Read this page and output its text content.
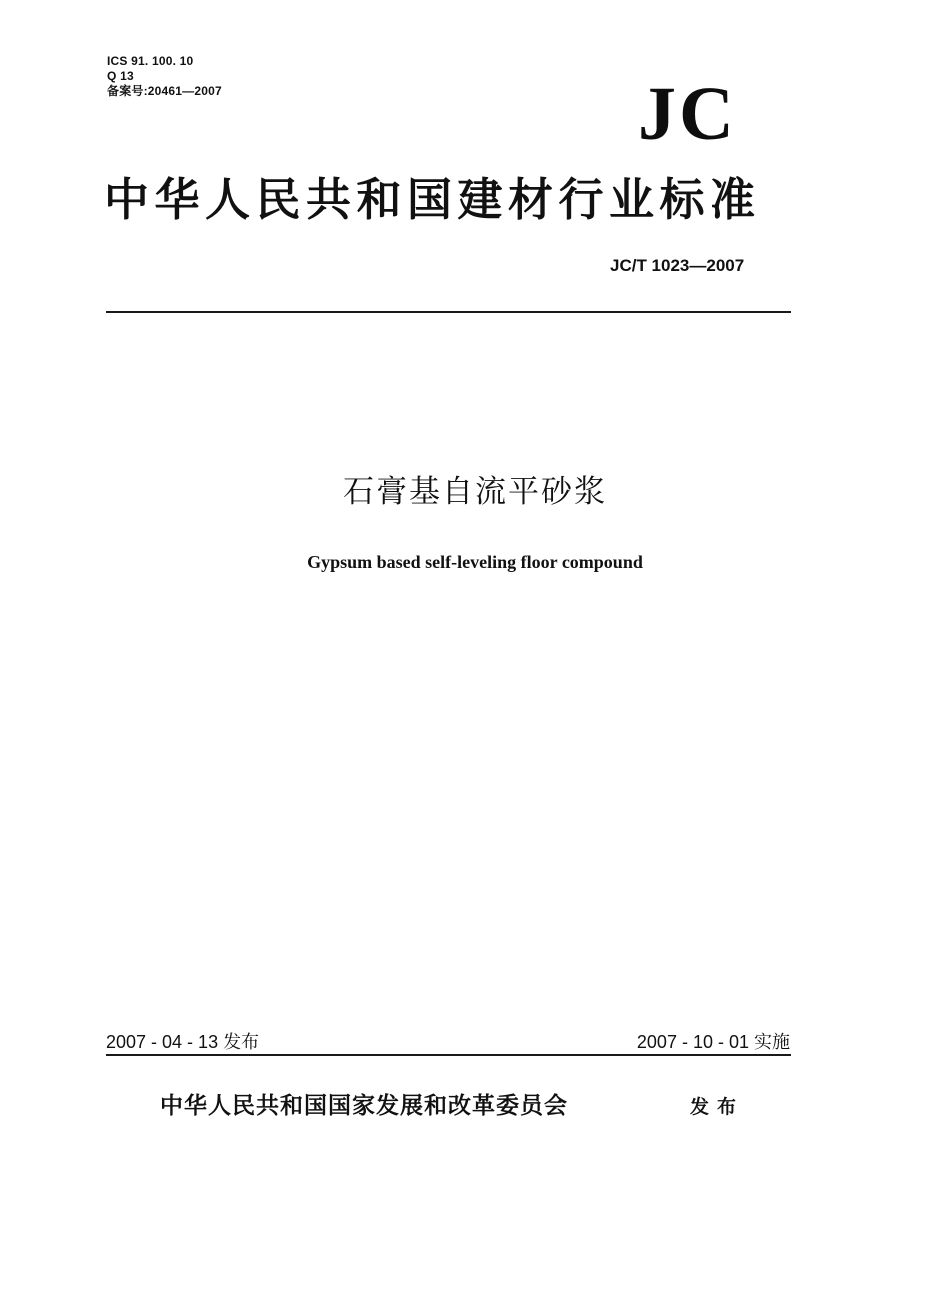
ICS 91. 100. 10
Q 13
备案号:20461—2007	JC
中华人民共和国建材行业标准
JC/T 1023—2007
石膏基自流平砂浆
Gypsum based self-leveling floor compound
2007 - 04 - 13 发布	2007 - 10 - 01 实施
中华人民共和国国家发展和改革委员会	发布
